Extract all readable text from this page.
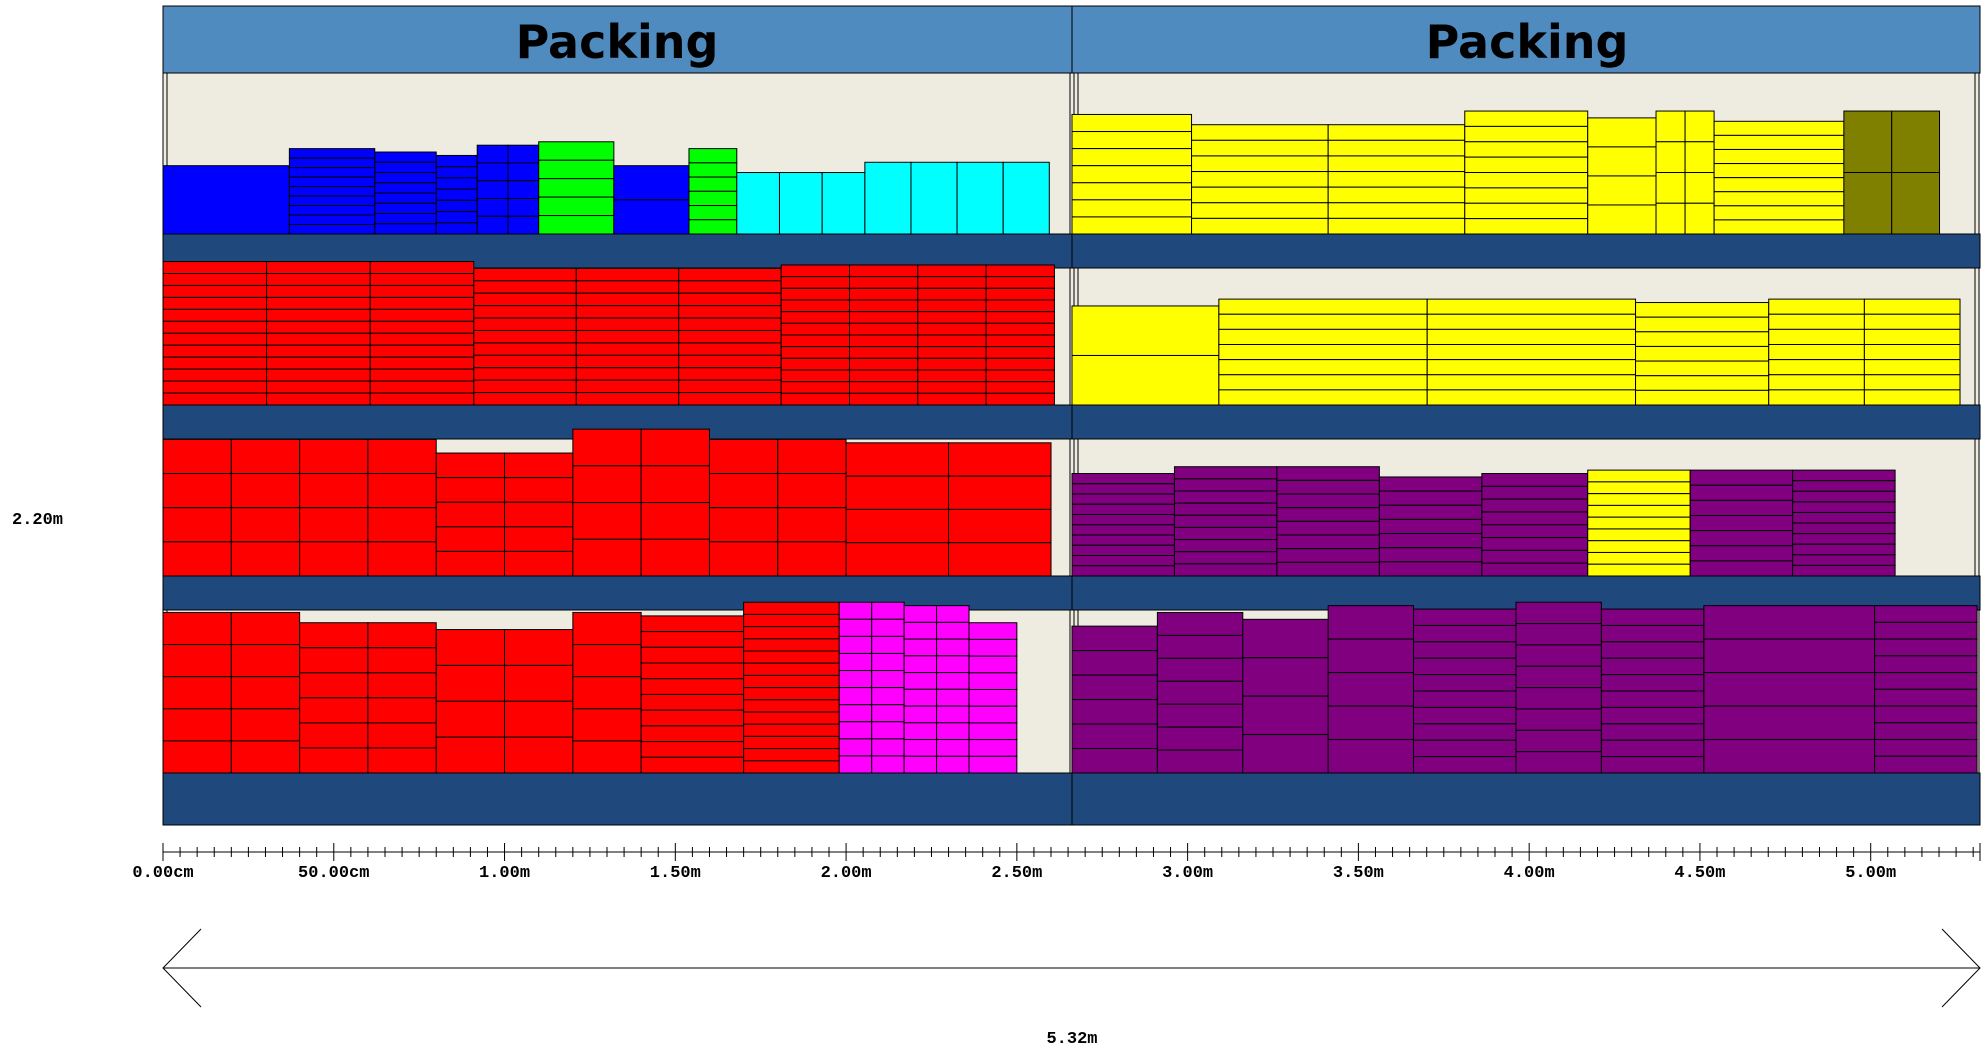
Packing	Packing
2.20m
0.00cm	50.00cm	1.00m	1.50m	2.00m	2.50m	3.00m	3.50m	4.00m	4.50m	5.00m
5.32m
